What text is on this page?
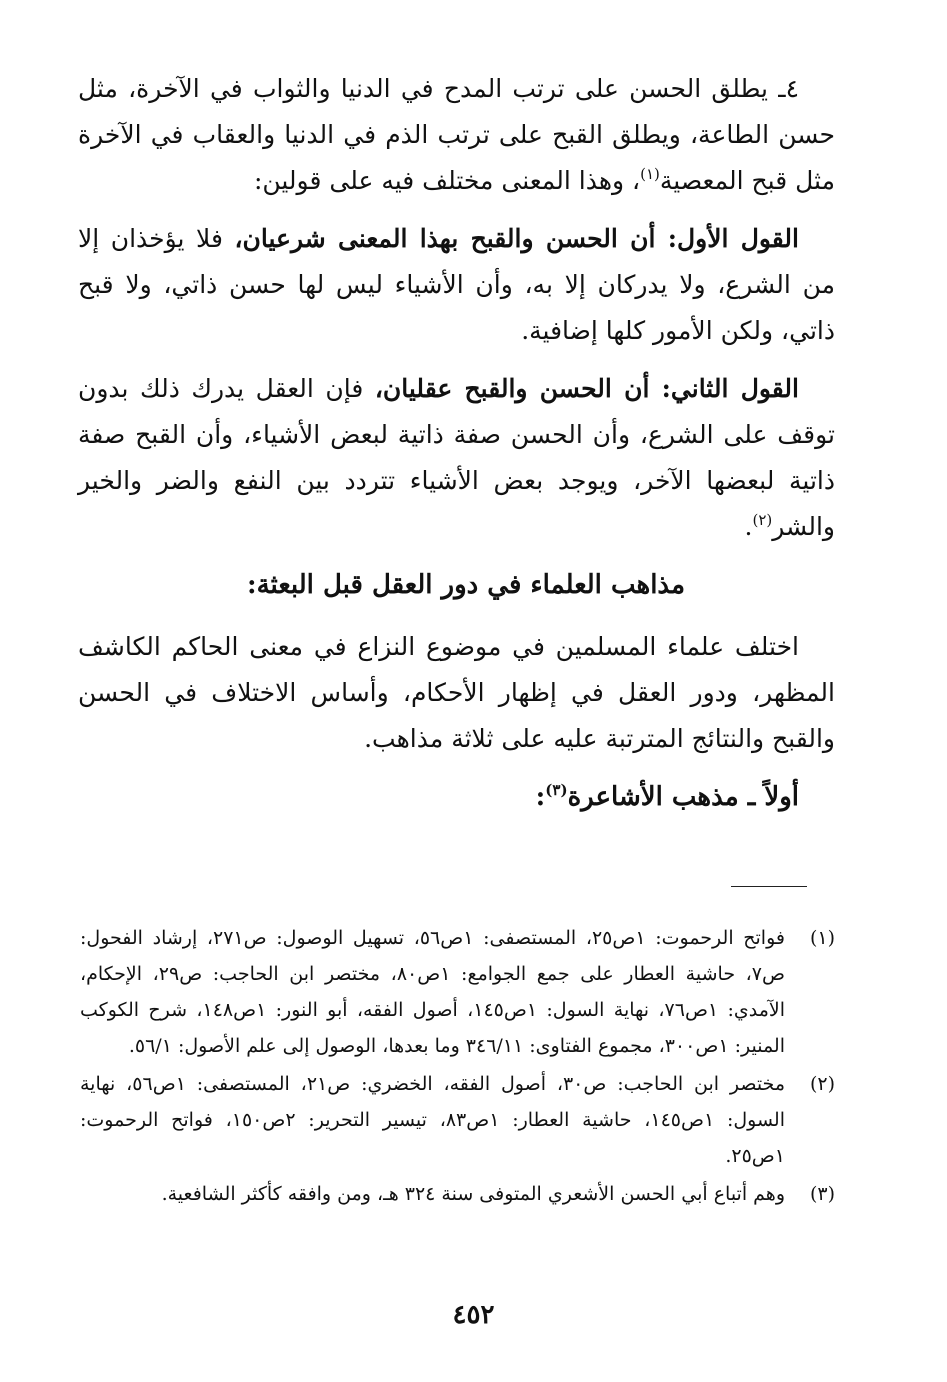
٤ـ يطلق الحسن على ترتب المدح في الدنيا والثواب في الآخرة، مثل حسن الطاعة، ويطلق القبح على ترتب الذم في الدنيا والعقاب في الآخرة مثل قبح المعصية$^{(١)}$، وهذا المعنى مختلف فيه على قولين:

القول الأول: أن الحسن والقبح بهذا المعنى شرعيان، فلا يؤخذان إلا من الشرع، ولا يدركان إلا به، وأن الأشياء ليس لها حسن ذاتي، ولا قبح ذاتي، ولكن الأمور كلها إضافية.

القول الثاني: أن الحسن والقبح عقليان، فإن العقل يدرك ذلك بدون توقف على الشرع، وأن الحسن صفة ذاتية لبعض الأشياء، وأن القبح صفة ذاتية لبعضها الآخر، ويوجد بعض الأشياء تتردد بين النفع والضر والخير والشر$^{(٢)}$.

مذاهب العلماء في دور العقل قبل البعثة:

اختلف علماء المسلمين في موضوع النزاع في معنى الحاكم الكاشف المظهر، ودور العقل في إظهار الأحكام، وأساس الاختلاف في الحسن والقبح والنتائج المترتبة عليه على ثلاثة مذاهب.

أولاً ـ مذهب الأشاعرة$^{(٣)}$:
(١)
فواتح الرحموت: ١ص٢٥، المستصفى: ١ص٥٦، تسهيل الوصول: ص٢٧١، إرشاد الفحول: ص٧، حاشية العطار على جمع الجوامع: ١ص٨٠، مختصر ابن الحاجب: ص٢٩، الإحكام، الآمدي: ١ص٧٦، نهاية السول: ١ص١٤٥، أصول الفقه، أبو النور: ١ص١٤٨، شرح الكوكب المنير: ١ص٣٠٠، مجموع الفتاوى: ٣٤٦/١١ وما بعدها، الوصول إلى علم الأصول: ٥٦/١.
(٢)
مختصر ابن الحاجب: ص٣٠، أصول الفقه، الخضري: ص٢١، المستصفى: ١ص٥٦، نهاية السول: ١ص١٤٥، حاشية العطار: ١ص٨٣، تيسير التحرير: ٢ص١٥٠، فواتح الرحموت: ١ص٢٥.
(٣)
وهم أتباع أبي الحسن الأشعري المتوفى سنة ٣٢٤ هـ، ومن وافقه كأكثر الشافعية.
٤٥٢
